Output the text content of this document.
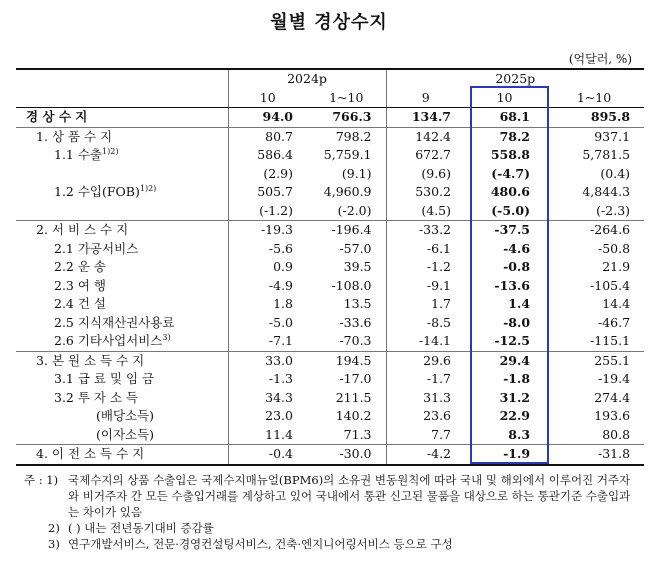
월별 경상수지
(억달러, %)
	2024p		2025p		
	10	1~10	9	10	1~10
경 상 수 지	94.0	766.3	134.7	68.1	895.8
1. 상 품 수 지	80.7	798.2	142.4	78.2	937.1
1.1 수출$^{1)2)}$	586.4	5,759.1	672.7	558.8	5,781.5
	(2.9)	(9.1)	(9.6)	(-4.7)	(0.4)
1.2 수입(FOB)$^{1)2)}$	505.7	4,960.9	530.2	480.6	4,844.3
	(-1.2)	(-2.0)	(4.5)	(-5.0)	(-2.3)
2. 서 비 스 수 지	-19.3	-196.4	-33.2	-37.5	-264.6
2.1 가공서비스	-5.6	-57.0	-6.1	-4.6	-50.8
2.2 운 송	0.9	39.5	-1.2	-0.8	21.9
2.3 여 행	-4.9	-108.0	-9.1	-13.6	-105.4
2.4 건 설	1.8	13.5	1.7	1.4	14.4
2.5 지식재산권사용료	-5.0	-33.6	-8.5	-8.0	-46.7
2.6 기타사업서비스$^{3)}$	-7.1	-70.3	-14.1	-12.5	-115.1
3. 본 원 소 득 수 지	33.0	194.5	29.6	29.4	255.1
3.1 급 료 및 임 금	-1.3	-17.0	-1.7	-1.8	-19.4
3.2 투 자 소 득	34.3	211.5	31.3	31.2	274.4
(배당소득)	23.0	140.2	23.6	22.9	193.6
(이자소득)	11.4	71.3	7.7	8.3	80.8
4. 이 전 소 득 수 지	-0.4	-30.0	-4.2	-1.9	-31.8
주 : 1) 국제수지의 상품 수출입은 국제수지매뉴얼(BPM6)의 소유권 변동원칙에 따라 국내 및 해외에서 이루어진 거주자와 비거주자 간 모든 수출입거래를 계상하고 있어 국내에서 통관 신고된 물품을 대상으로 하는 통관기준 수출입과는 차이가 있음
2) ( ) 내는 전년동기대비 증감률
3) 연구개발서비스, 전문·경영컨설팅서비스, 건축·엔지니어링서비스 등으로 구성
